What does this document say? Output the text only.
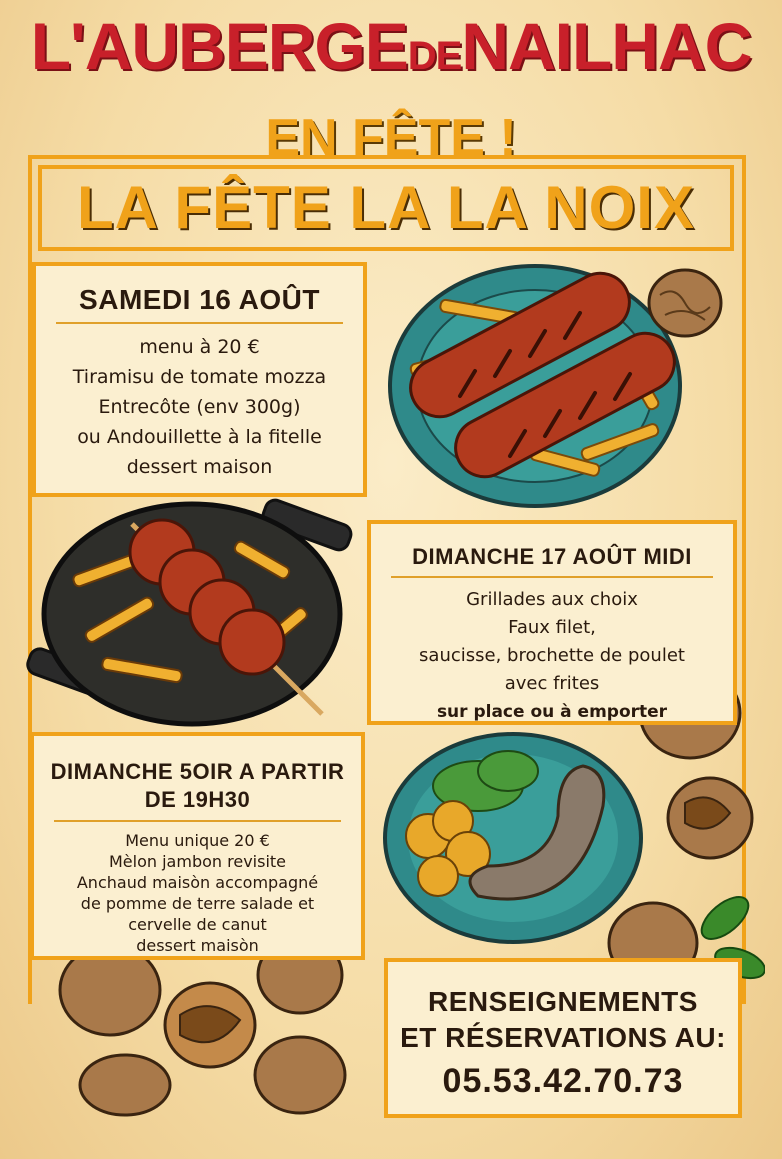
L'AUBERGEDENAILHAC
EN FÊTE !
LA FÊTE LA LA NOIX
SAMEDI 16 AOÛT

menu à 20 €

Tiramisu de tomate mozza

Entrecôte (env 300g)

ou Andouillette à la fitelle

dessert maison

DIMANCHE 17 AOÛT MIDI

Grillades aux choix

Faux filet,

saucisse, brochette de poulet

avec frites

sur place ou à emporter

DIMANCHE 5OIR A PARTIR
DE 19H30

Menu unique 20 €

Mèlon jambon revisite

Anchaud maisòn accompagné

de pomme de terre salade et

cervelle de canut

dessert maisòn

RENSEIGNEMENTS
ET RÉSERVATIONS AU:
05.53.42.70.73
